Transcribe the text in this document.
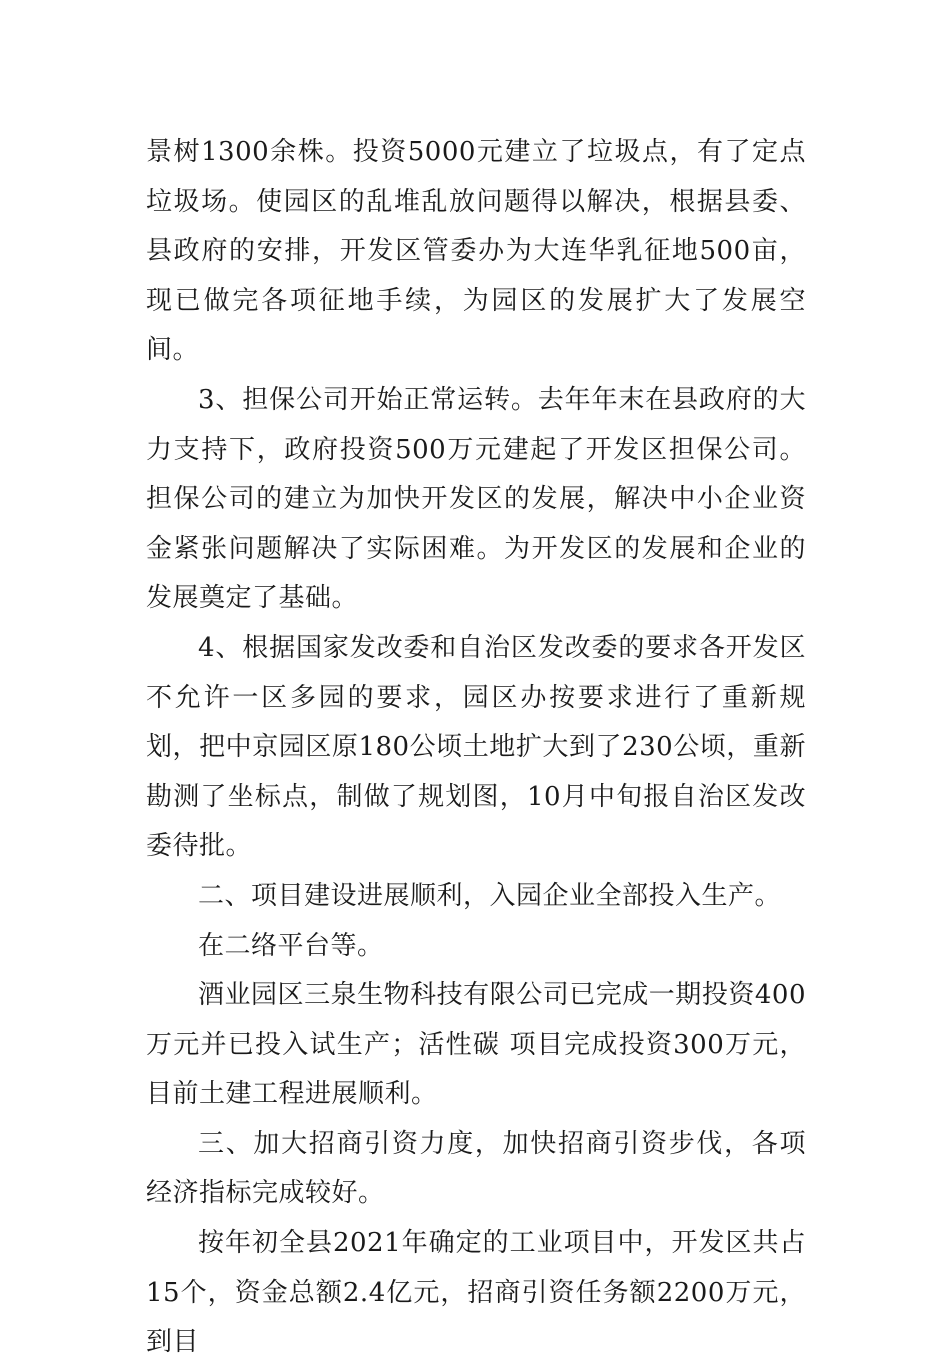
景树1300余株。投资5000元建立了垃圾点，有了定点垃圾场。使园区的乱堆乱放问题得以解决，根据县委、县政府的安排，开发区管委办为大连华乳征地500亩，现已做完各项征地手续，为园区的发展扩大了发展空间。

3、担保公司开始正常运转。去年年末在县政府的大力支持下，政府投资500万元建起了开发区担保公司。担保公司的建立为加快开发区的发展，解决中小企业资金紧张问题解决了实际困难。为开发区的发展和企业的发展奠定了基础。

4、根据国家发改委和自治区发改委的要求各开发区不允许一区多园的要求，园区办按要求进行了重新规划，把中京园区原180公顷土地扩大到了230公顷，重新勘测了坐标点，制做了规划图，10月中旬报自治区发改委待批。

二、项目建设进展顺利，入园企业全部投入生产。

在二络平台等。

酒业园区三泉生物科技有限公司已完成一期投资400万元并已投入试生产；活性碳 项目完成投资300万元，目前土建工程进展顺利。

三、加大招商引资力度，加快招商引资步伐，各项经济指标完成较好。

按年初全县2021年确定的工业项目中，开发区共占15个，资金总额2.4亿元，招商引资任务额2200万元，到目
